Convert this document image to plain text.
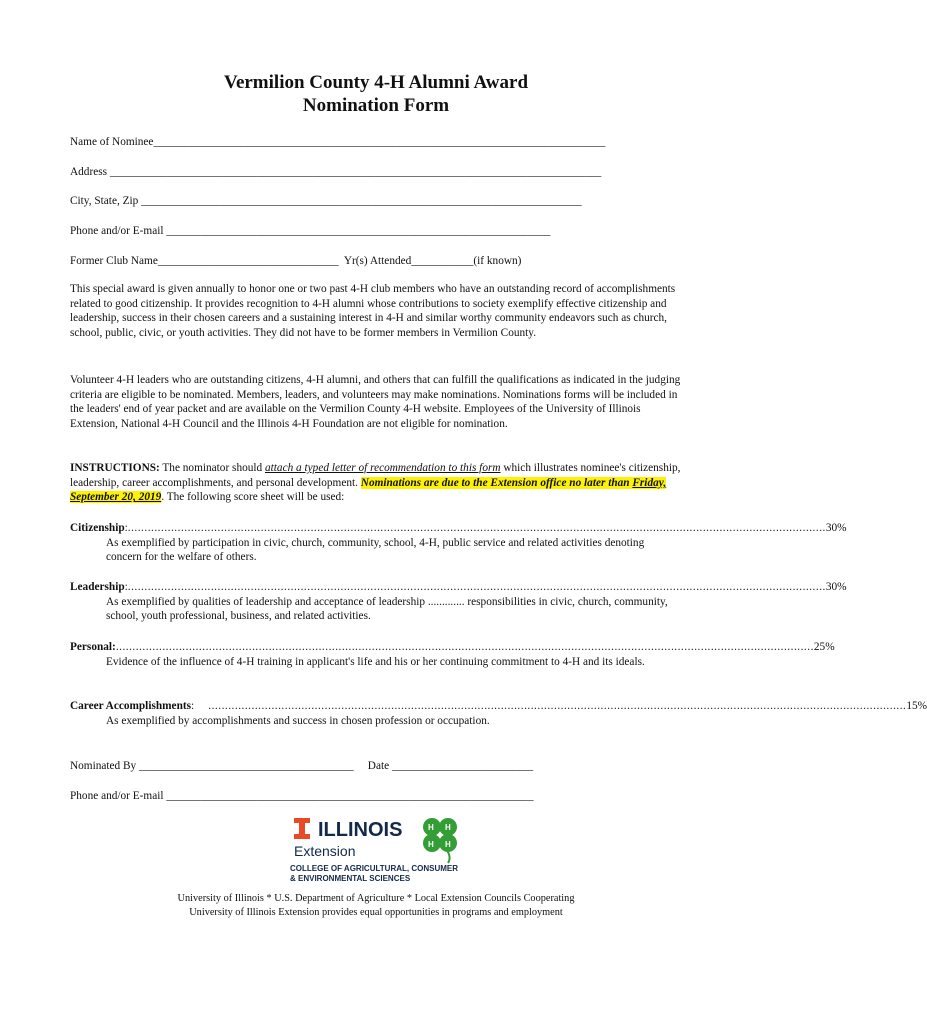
Vermilion County 4-H Alumni Award
Nomination Form
Name of Nominee________________________________________________________________________________
Address _______________________________________________________________________________________
City, State, Zip ______________________________________________________________________________
Phone and/or E-mail ____________________________________________________________________
Former Club Name________________________________  Yr(s) Attended___________(if known)
This special award is given annually to honor one or two past 4-H club members who have an outstanding record of accomplishments related to good citizenship. It provides recognition to 4-H alumni whose contributions to society exemplify effective citizenship and leadership, success in their chosen careers and a sustaining interest in 4-H and similar worthy community endeavors such as church, school, public, civic, or youth activities. They did not have to be former members in Vermilion County.
Volunteer 4-H leaders who are outstanding citizens, 4-H alumni, and others that can fulfill the qualifications as indicated in the judging criteria are eligible to be nominated. Members, leaders, and volunteers may make nominations. Nominations forms will be included in the leaders' end of year packet and are available on the Vermilion County 4-H website. Employees of the University of Illinois Extension, National 4-H Council and the Illinois 4-H Foundation are not eligible for nomination.
INSTRUCTIONS: The nominator should attach a typed letter of recommendation to this form which illustrates nominee's citizenship, leadership, career accomplishments, and personal development. Nominations are due to the Extension office no later than Friday, September 20, 2019. The following score sheet will be used:
Citizenship : .................................................................................................................................................................................................................. 30%
As exemplified by participation in civic, church, community, school, 4-H, public service and related activities denoting concern for the welfare of others.
Leadership : .................................................................................................................................................................................................................. 30%
As exemplified by qualities of leadership and acceptance of leadership ............. responsibilities in civic, church, community, school, youth professional, business, and related activities.
Personal: .................................................................................................................................................................................................................. 25%
Evidence of the influence of 4-H training in applicant's life and his or her continuing commitment to 4-H and its ideals.
Career Accomplishments : .................................................................................................................................................................................................................. 15%
As exemplified by accomplishments and success in chosen profession or occupation.
Nominated By ______________________________________     Date _________________________
Phone and/or E-mail _________________________________________________________________
ILLINOIS
Extension
COLLEGE OF AGRICULTURAL, CONSUMER
& ENVIRONMENTAL SCIENCES
H H
H H
University of Illinois * U.S. Department of Agriculture * Local Extension Councils Cooperating
University of Illinois Extension provides equal opportunities in programs and employment
